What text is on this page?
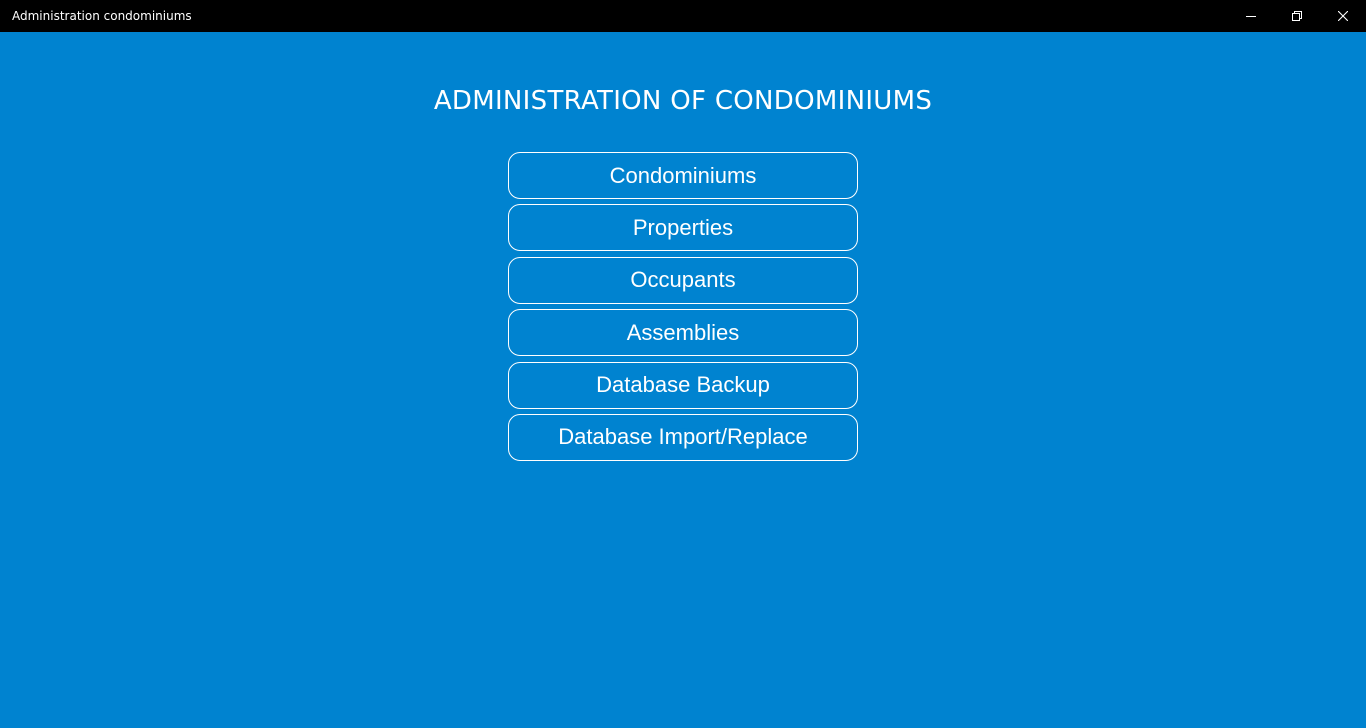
Administration condominiums
ADMINISTRATION OF CONDOMINIUMS
Condominiums
Properties
Occupants
Assemblies
Database Backup
Database Import/Replace
